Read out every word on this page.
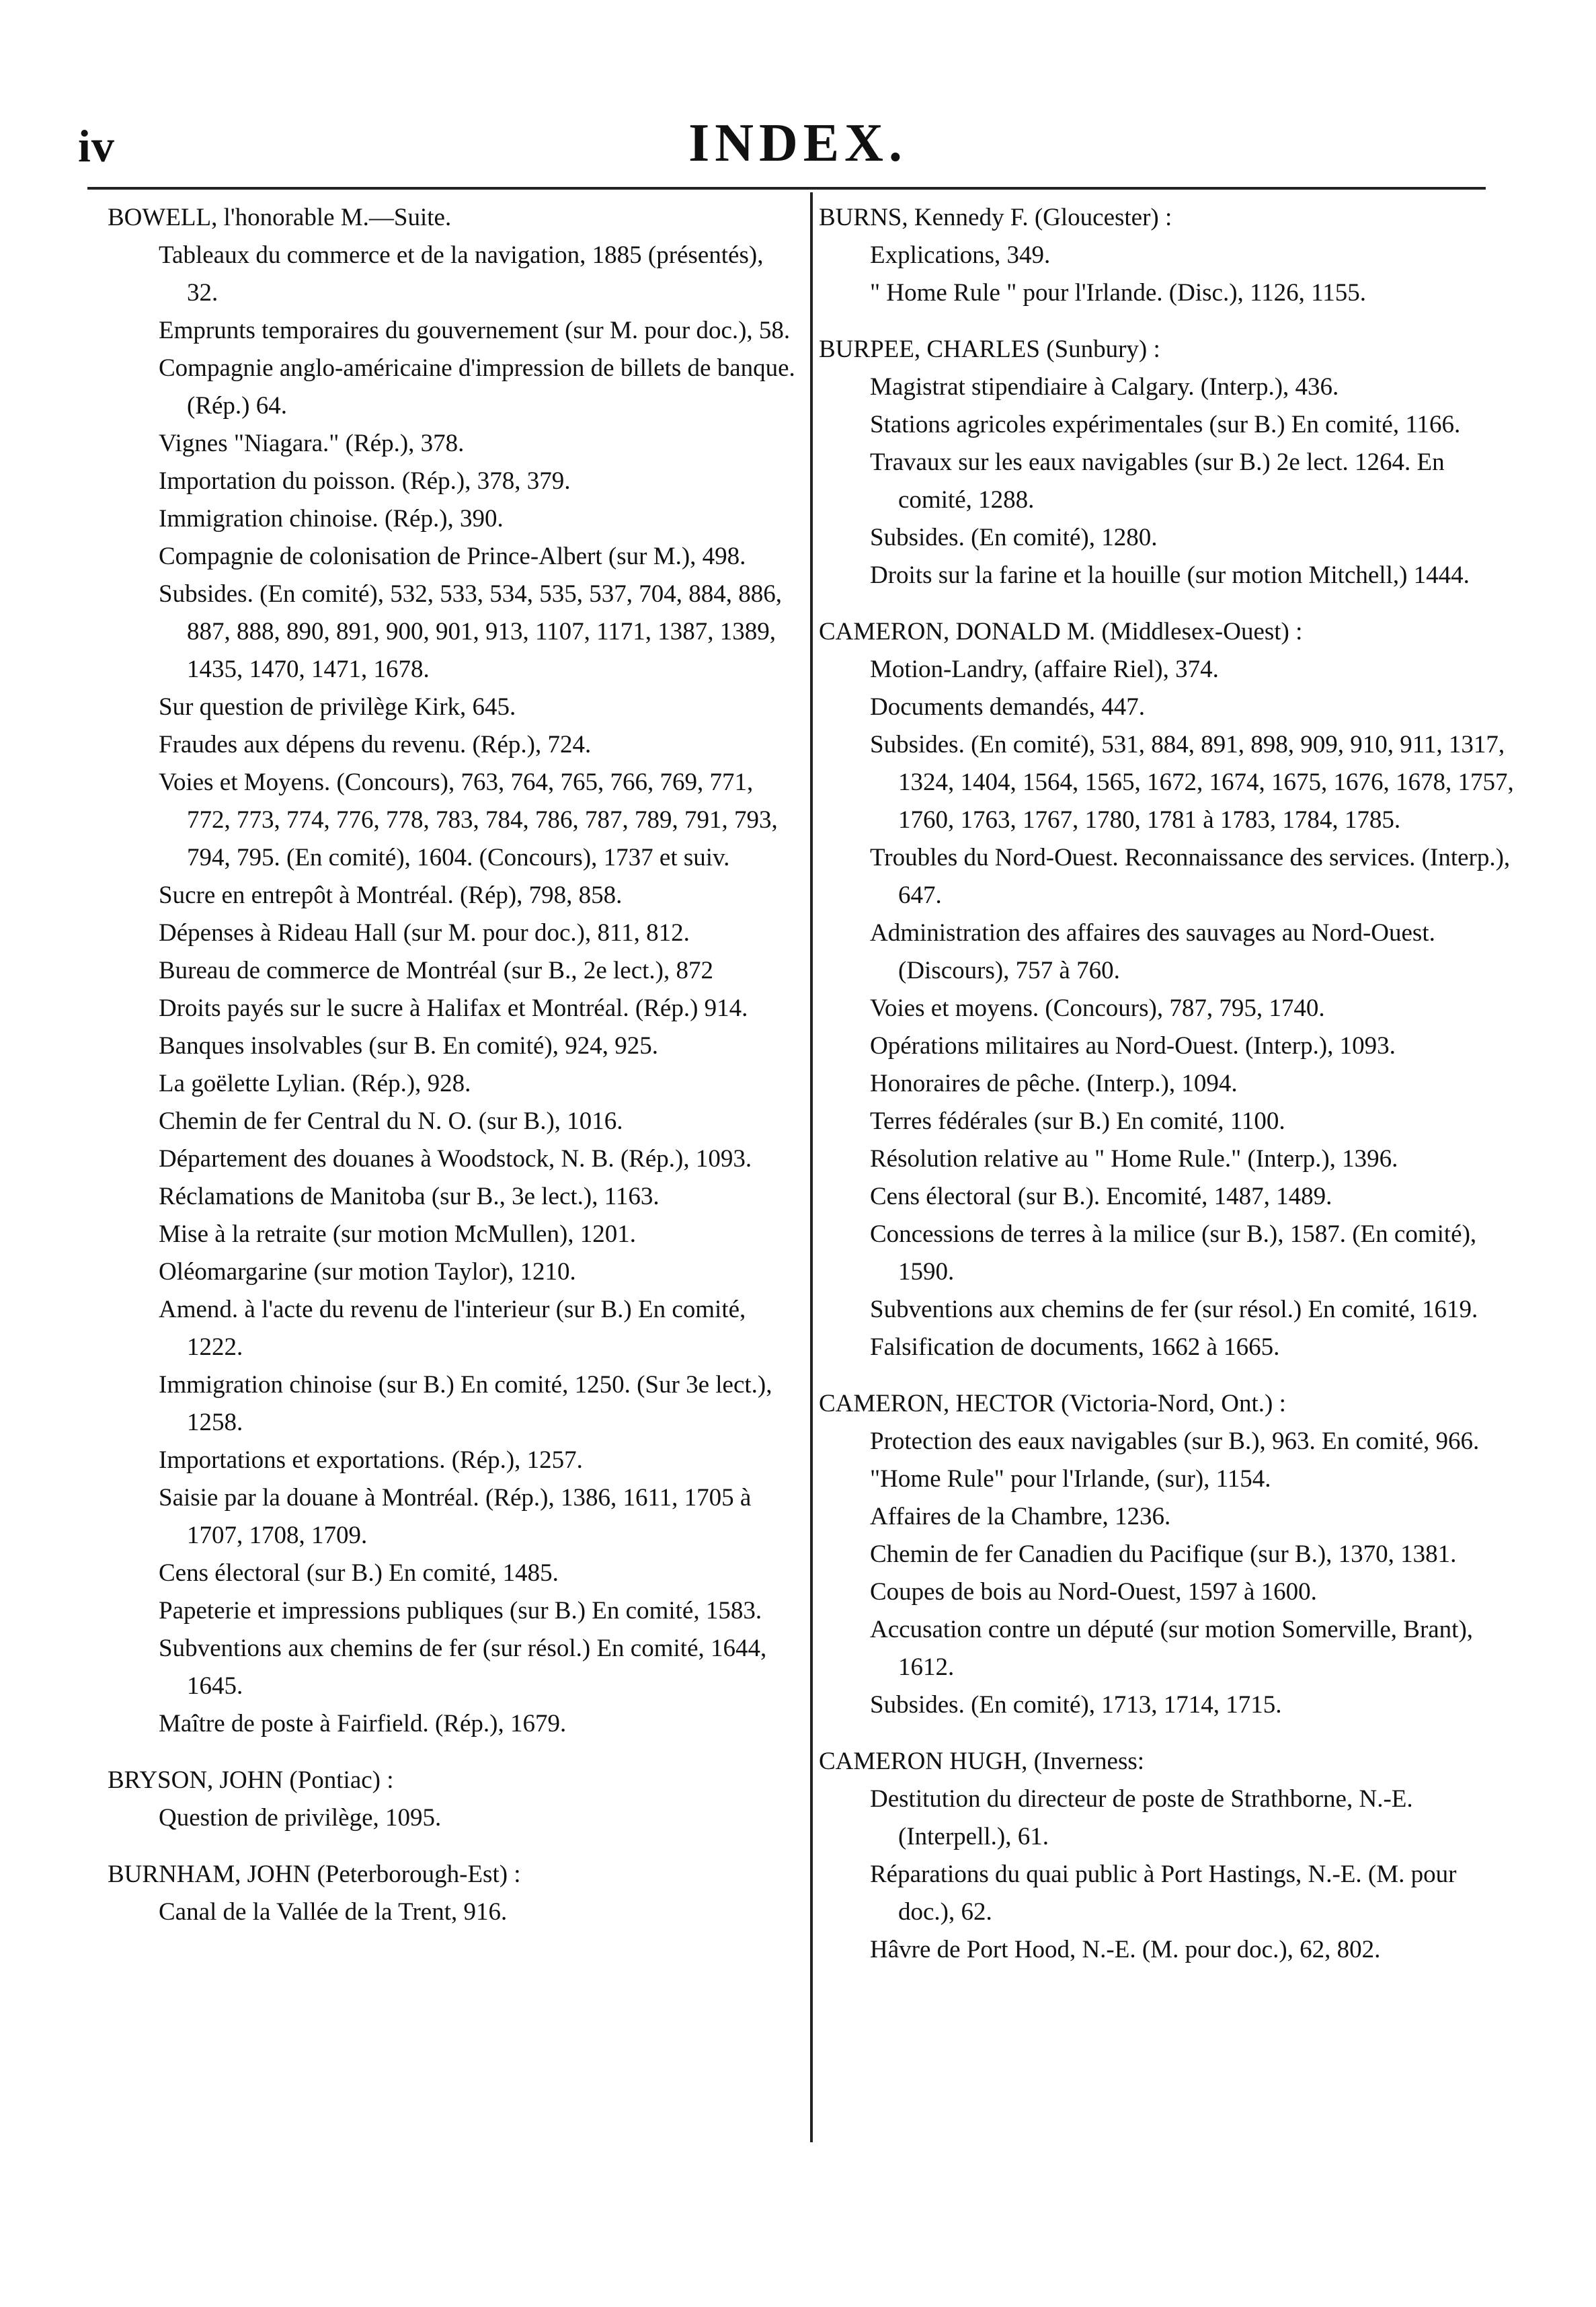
iv	INDEX.
BOWELL, l'honorable M.—Suite.
Tableaux du commerce et de la navigation, 1885 (présentés), 32.
Emprunts temporaires du gouvernement (sur M. pour doc.), 58.
Compagnie anglo-américaine d'impression de billets de banque. (Rép.) 64.
Vignes "Niagara." (Rép.), 378.
Importation du poisson. (Rép.), 378, 379.
Immigration chinoise. (Rép.), 390.
Compagnie de colonisation de Prince-Albert (sur M.), 498.
Subsides. (En comité), 532, 533, 534, 535, 537, 704, 884, 886, 887, 888, 890, 891, 900, 901, 913, 1107, 1171, 1387, 1389, 1435, 1470, 1471, 1678.
Sur question de privilège Kirk, 645.
Fraudes aux dépens du revenu. (Rép.), 724.
Voies et Moyens. (Concours), 763, 764, 765, 766, 769, 771, 772, 773, 774, 776, 778, 783, 784, 786, 787, 789, 791, 793, 794, 795. (En comité), 1604. (Concours), 1737 et suiv.
Sucre en entrepôt à Montréal. (Rép), 798, 858.
Dépenses à Rideau Hall (sur M. pour doc.), 811, 812.
Bureau de commerce de Montréal (sur B., 2e lect.), 872
Droits payés sur le sucre à Halifax et Montréal. (Rép.) 914.
Banques insolvables (sur B. En comité), 924, 925.
La goëlette Lylian. (Rép.), 928.
Chemin de fer Central du N. O. (sur B.), 1016.
Département des douanes à Woodstock, N. B. (Rép.), 1093.
Réclamations de Manitoba (sur B., 3e lect.), 1163.
Mise à la retraite (sur motion McMullen), 1201.
Oléomargarine (sur motion Taylor), 1210.
Amend. à l'acte du revenu de l'interieur (sur B.) En comité, 1222.
Immigration chinoise (sur B.) En comité, 1250. (Sur 3e lect.), 1258.
Importations et exportations. (Rép.), 1257.
Saisie par la douane à Montréal. (Rép.), 1386, 1611, 1705 à 1707, 1708, 1709.
Cens électoral (sur B.) En comité, 1485.
Papeterie et impressions publiques (sur B.) En comité, 1583.
Subventions aux chemins de fer (sur résol.) En comité, 1644, 1645.
Maître de poste à Fairfield. (Rép.), 1679.
BRYSON, JOHN (Pontiac) :
Question de privilège, 1095.
BURNHAM, JOHN (Peterborough-Est) :
Canal de la Vallée de la Trent, 916.
BURNS, Kennedy F. (Gloucester) :
Explications, 349.
" Home Rule " pour l'Irlande. (Disc.), 1126, 1155.
BURPEE, CHARLES (Sunbury) :
Magistrat stipendiaire à Calgary. (Interp.), 436.
Stations agricoles expérimentales (sur B.) En comité, 1166.
Travaux sur les eaux navigables (sur B.) 2e lect. 1264. En comité, 1288.
Subsides. (En comité), 1280.
Droits sur la farine et la houille (sur motion Mitchell,) 1444.
CAMERON, DONALD M. (Middlesex-Ouest) :
Motion-Landry, (affaire Riel), 374.
Documents demandés, 447.
Subsides. (En comité), 531, 884, 891, 898, 909, 910, 911, 1317, 1324, 1404, 1564, 1565, 1672, 1674, 1675, 1676, 1678, 1757, 1760, 1763, 1767, 1780, 1781 à 1783, 1784, 1785.
Troubles du Nord-Ouest. Reconnaissance des services. (Interp.), 647.
Administration des affaires des sauvages au Nord-Ouest. (Discours), 757 à 760.
Voies et moyens. (Concours), 787, 795, 1740.
Opérations militaires au Nord-Ouest. (Interp.), 1093.
Honoraires de pêche. (Interp.), 1094.
Terres fédérales (sur B.) En comité, 1100.
Résolution relative au " Home Rule." (Interp.), 1396.
Cens électoral (sur B.). Encomité, 1487, 1489.
Concessions de terres à la milice (sur B.), 1587. (En comité), 1590.
Subventions aux chemins de fer (sur résol.) En comité, 1619.
Falsification de documents, 1662 à 1665.
CAMERON, HECTOR (Victoria-Nord, Ont.) :
Protection des eaux navigables (sur B.), 963. En comité, 966.
"Home Rule" pour l'Irlande, (sur), 1154.
Affaires de la Chambre, 1236.
Chemin de fer Canadien du Pacifique (sur B.), 1370, 1381.
Coupes de bois au Nord-Ouest, 1597 à 1600.
Accusation contre un député (sur motion Somerville, Brant), 1612.
Subsides. (En comité), 1713, 1714, 1715.
CAMERON HUGH, (Inverness:
Destitution du directeur de poste de Strathborne, N.-E. (Interpell.), 61.
Réparations du quai public à Port Hastings, N.-E. (M. pour doc.), 62.
Hâvre de Port Hood, N.-E. (M. pour doc.), 62, 802.
